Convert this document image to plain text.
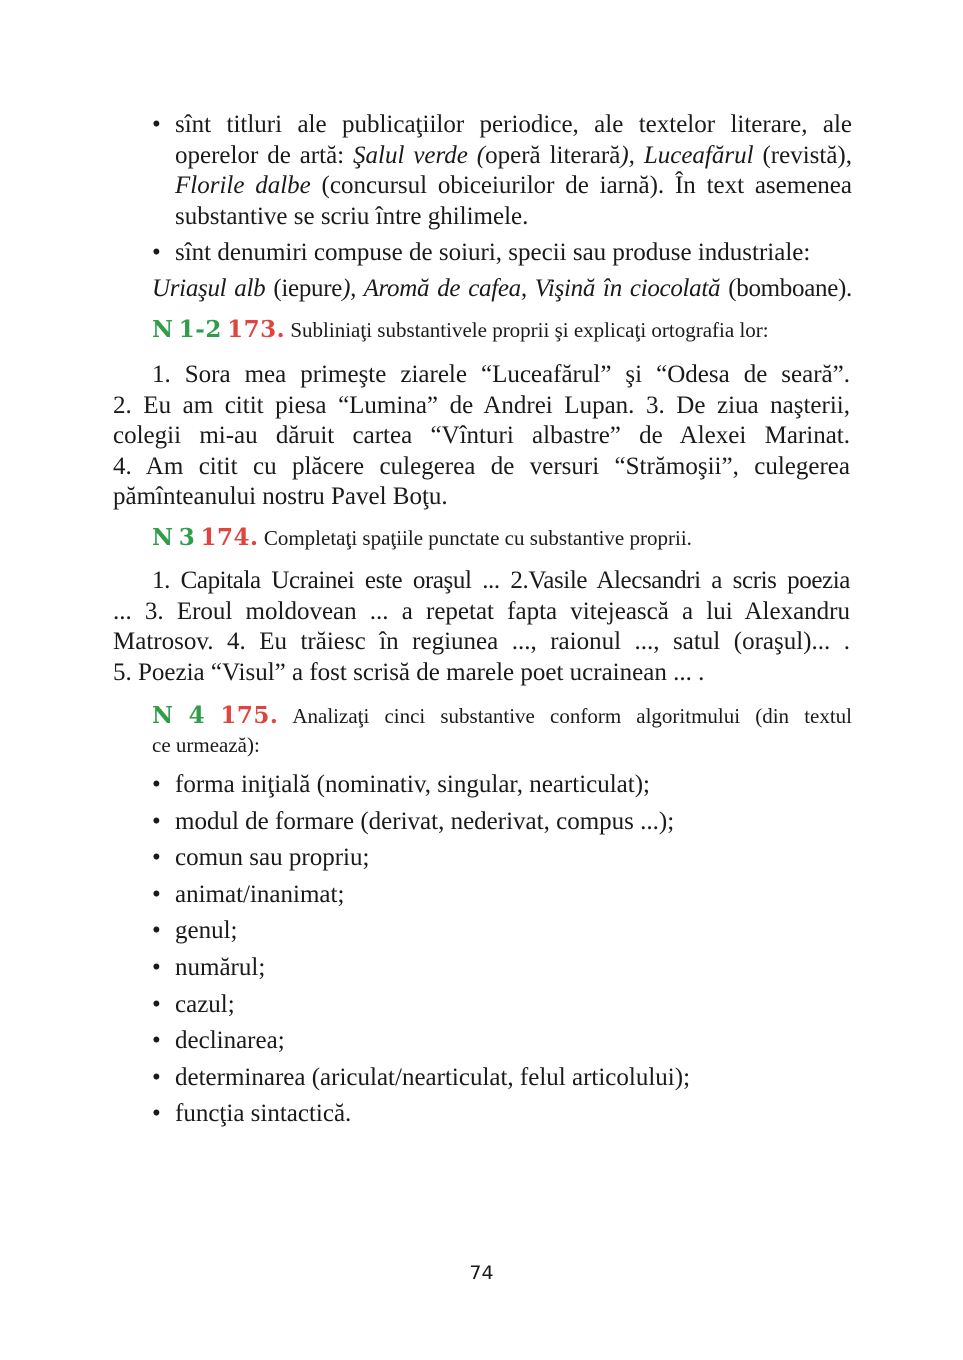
• sînt titluri ale publicaţiilor periodice, ale textelor literare, ale
operelor de artă: Şalul verde (operă literară), Luceafărul (revistă),
Florile dalbe (concursul obiceiurilor de iarnă). În text asemenea
substantive se scriu între ghilimele.
• sînt denumiri compuse de soiuri, specii sau produse industriale:
Uriaşul alb (iepure), Aromă de cafea, Vişină în ciocolată (bomboane).
N 1-2 173. Subliniaţi substantivele proprii şi explicaţi ortografia lor:
1. Sora mea primeşte ziarele “Luceafărul” şi “Odesa de seară”.
2. Eu am citit piesa “Lumina” de Andrei Lupan. 3. De ziua naşterii,
colegii mi-au dăruit cartea “Vînturi albastre” de Alexei Marinat.
4. Am citit cu plăcere culegerea de versuri “Strămoşii”, culegerea
pămînteanului nostru Pavel Boţu.
N 3 174. Completaţi spaţiile punctate cu substantive proprii.
1. Capitala Ucrainei este oraşul ... 2.Vasile Alecsandri a scris poezia
... 3. Eroul moldovean ... a repetat fapta vitejească a lui Alexandru
Matrosov. 4. Eu trăiesc în regiunea ..., raionul ..., satul (oraşul)... .
5. Poezia “Visul” a fost scrisă de marele poet ucrainean ... .
N 4 175. Analizaţi cinci substantive conform algoritmului (din textul
ce urmează):
• forma iniţială (nominativ, singular, nearticulat);
• modul de formare (derivat, nederivat, compus ...);
• comun sau propriu;
• animat/inanimat;
• genul;
• numărul;
• cazul;
• declinarea;
• determinarea (ariculat/nearticulat, felul articolului);
• funcţia sintactică.
74
